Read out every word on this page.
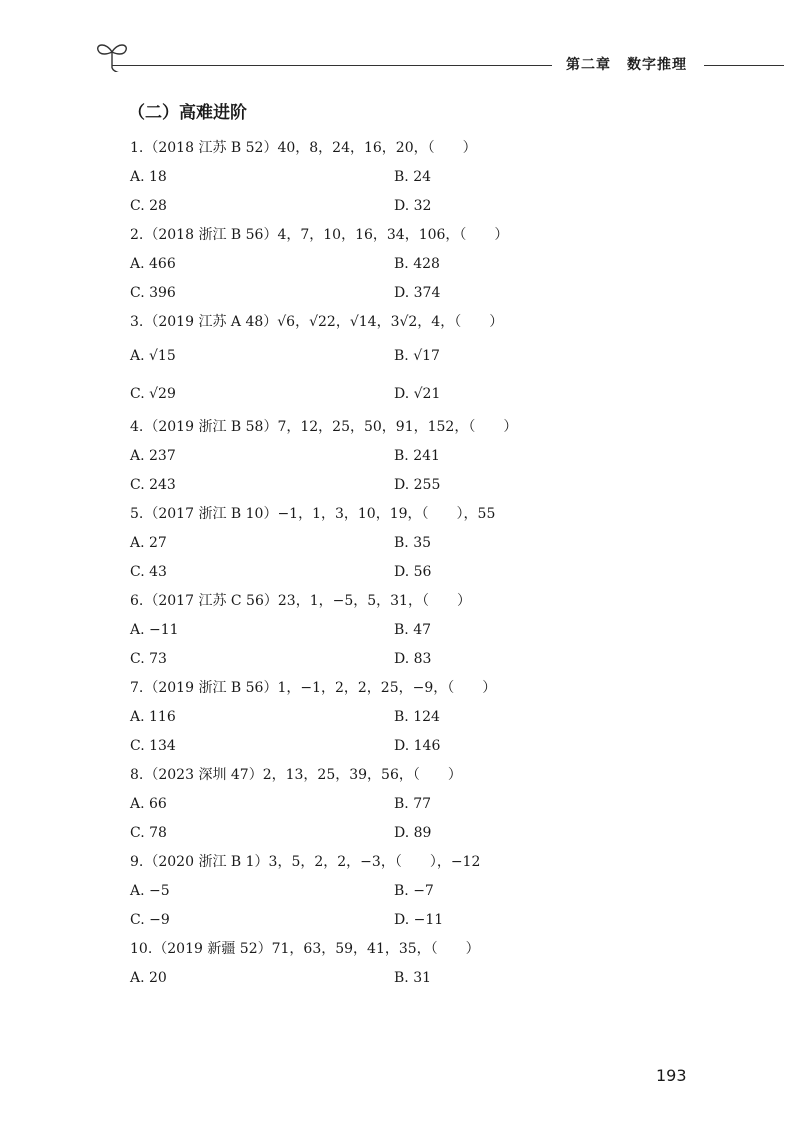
第二章 数字推理
（二）高难进阶
1.（2018 江苏 B 52）40，8，24，16，20，（　　）
A. 18	B. 24
C. 28	D. 32
2.（2018 浙江 B 56）4，7，10，16，34，106，（　　）
A. 466	B. 428
C. 396	D. 374
3.（2019 江苏 A 48）√6，√22，√14，3√2，4，（　　）
A. √15	B. √17
C. √29	D. √21
4.（2019 浙江 B 58）7，12，25，50，91，152，（　　）
A. 237	B. 241
C. 243	D. 255
5.（2017 浙江 B 10）−1，1，3，10，19，（　　），55
A. 27	B. 35
C. 43	D. 56
6.（2017 江苏 C 56）23，1，−5，5，31，（　　）
A. −11	B. 47
C. 73	D. 83
7.（2019 浙江 B 56）1，−1，2，2，25，−9，（　　）
A. 116	B. 124
C. 134	D. 146
8.（2023 深圳 47）2，13，25，39，56，（　　）
A. 66	B. 77
C. 78	D. 89
9.（2020 浙江 B 1）3，5，2，2，−3，（　　），−12
A. −5	B. −7
C. −9	D. −11
10.（2019 新疆 52）71，63，59，41，35，（　　）
A. 20	B. 31
193
